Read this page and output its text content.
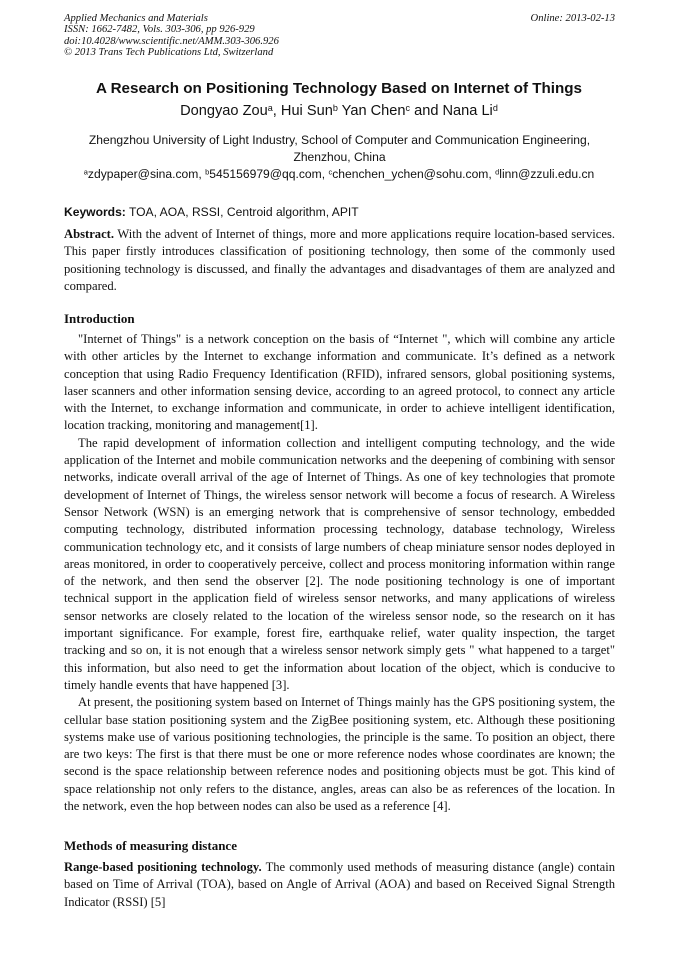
Applied Mechanics and Materials
ISSN: 1662-7482, Vols. 303-306, pp 926-929
doi:10.4028/www.scientific.net/AMM.303-306.926
© 2013 Trans Tech Publications Ltd, Switzerland
Online: 2013-02-13
A Research on Positioning Technology Based on Internet of Things
Dongyao Zou$^a$, Hui Sun$^b$ Yan Chen$^c$ and Nana Li$^d$
Zhengzhou University of Light Industry, School of Computer and Communication Engineering, Zhenzhou, China
$^a$zdypaper@sina.com, $^b$545156979@qq.com, $^c$chenchen_ychen@sohu.com, $^d$linn@zzuli.edu.cn
Keywords: TOA, AOA, RSSI, Centroid algorithm, APIT

Abstract. With the advent of Internet of things, more and more applications require location-based services. This paper firstly introduces classification of positioning technology, then some of the commonly used positioning technology is discussed, and finally the advantages and disadvantages of them are analyzed and compared.

Introduction

"Internet of Things" is a network conception on the basis of “Internet ", which will combine any article with other articles by the Internet to exchange information and communicate. It’s defined as a network conception that using Radio Frequency Identification (RFID), infrared sensors, global positioning systems, laser scanners and other information sensing device, according to an agreed protocol, to connect any article with the Internet, to exchange information and communicate, in order to achieve intelligent identification, location tracking, monitoring and management[1].

The rapid development of information collection and intelligent computing technology, and the wide application of the Internet and mobile communication networks and the deepening of combining with sensor networks, indicate overall arrival of the age of Internet of Things. As one of key technologies that promote development of Internet of Things, the wireless sensor network will become a focus of research. A Wireless Sensor Network (WSN) is an emerging network that is comprehensive of sensor technology, embedded computing technology, distributed information processing technology, database technology, Wireless communication technology etc, and it consists of large numbers of cheap miniature sensor nodes deployed in areas monitored, in order to cooperatively perceive, collect and process monitoring information within range of the network, and then send the observer [2]. The node positioning technology is one of important technical support in the application field of wireless sensor networks, and many applications of wireless sensor networks are closely related to the location of the wireless sensor node, so the research on it has important significance. For example, forest fire, earthquake relief, water quality inspection, the target tracking and so on, it is not enough that a wireless sensor network simply gets " what happened to a target" this information, but also need to get the information about location of the object, which is conducive to timely handle events that have happened [3].

At present, the positioning system based on Internet of Things mainly has the GPS positioning system, the cellular base station positioning system and the ZigBee positioning system, etc. Although these positioning systems make use of various positioning technologies, the principle is the same. To position an object, there are two keys: The first is that there must be one or more reference nodes whose coordinates are known; the second is the space relationship between reference nodes and positioning objects must be got. This kind of space relationship not only refers to the distance, angles, areas can also be as references of the location. In the network, even the hop between nodes can also be used as a reference [4].

Methods of measuring distance

Range-based positioning technology. The commonly used methods of measuring distance (angle) contain based on Time of Arrival (TOA), based on Angle of Arrival (AOA) and based on Received Signal Strength Indicator (RSSI) [5]
